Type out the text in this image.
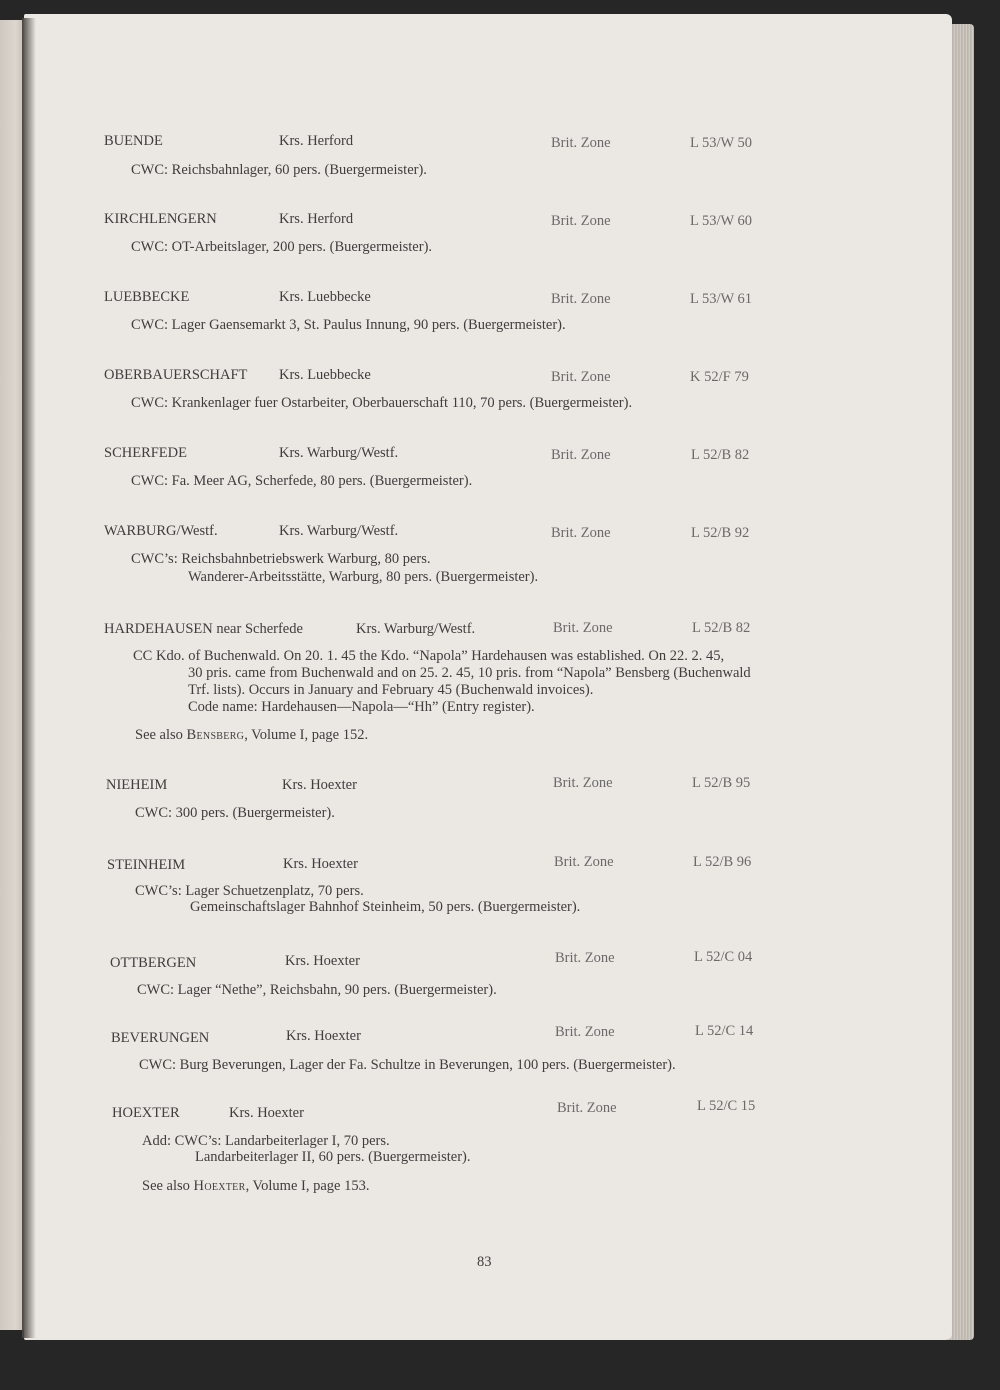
BUENDE	Krs. Herford	Brit. Zone	L 53/W 50
CWC: Reichsbahnlager, 60 pers. (Buergermeister).
KIRCHLENGERN	Krs. Herford	Brit. Zone	L 53/W 60
CWC: OT-Arbeitslager, 200 pers. (Buergermeister).
LUEBBECKE	Krs. Luebbecke	Brit. Zone	L 53/W 61
CWC: Lager Gaensemarkt 3, St. Paulus Innung, 90 pers. (Buergermeister).
OBERBAUERSCHAFT Krs. Luebbecke	Brit. Zone	K 52/F 79
CWC: Krankenlager fuer Ostarbeiter, Oberbauerschaft 110, 70 pers. (Buergermeister).
SCHERFEDE	Krs. Warburg/Westf.	Brit. Zone	L 52/B 82
CWC: Fa. Meer AG, Scherfede, 80 pers. (Buergermeister).
WARBURG/Westf.	Krs. Warburg/Westf.	Brit. Zone	L 52/B 92
CWC’s: Reichsbahnbetriebswerk Warburg, 80 pers.
Wanderer-Arbeitsstätte, Warburg, 80 pers. (Buergermeister).
HARDEHAUSEN near Scherfede	Krs. Warburg/Westf.	Brit. Zone	L 52/B 82
CC Kdo. of Buchenwald. On 20. 1. 45 the Kdo. “Napola” Hardehausen was established. On 22. 2. 45,
30 pris. came from Buchenwald and on 25. 2. 45, 10 pris. from “Napola” Bensberg (Buchenwald
Trf. lists). Occurs in January and February 45 (Buchenwald invoices).
Code name: Hardehausen—Napola—“Hh” (Entry register).
See also Bensberg, Volume I, page 152.
NIEHEIM	Krs. Hoexter	Brit. Zone	L 52/B 95
CWC: 300 pers. (Buergermeister).
STEINHEIM	Krs. Hoexter	Brit. Zone	L 52/B 96
CWC’s: Lager Schuetzenplatz, 70 pers.
Gemeinschaftslager Bahnhof Steinheim, 50 pers. (Buergermeister).
OTTBERGEN	Krs. Hoexter	Brit. Zone	L 52/C 04
CWC: Lager “Nethe”, Reichsbahn, 90 pers. (Buergermeister).
BEVERUNGEN	Krs. Hoexter	Brit. Zone	L 52/C 14
CWC: Burg Beverungen, Lager der Fa. Schultze in Beverungen, 100 pers. (Buergermeister).
HOEXTER	Krs. Hoexter	Brit. Zone	L 52/C 15
Add: CWC’s: Landarbeiterlager I, 70 pers.
Landarbeiterlager II, 60 pers. (Buergermeister).
See also Hoexter, Volume I, page 153.
83
